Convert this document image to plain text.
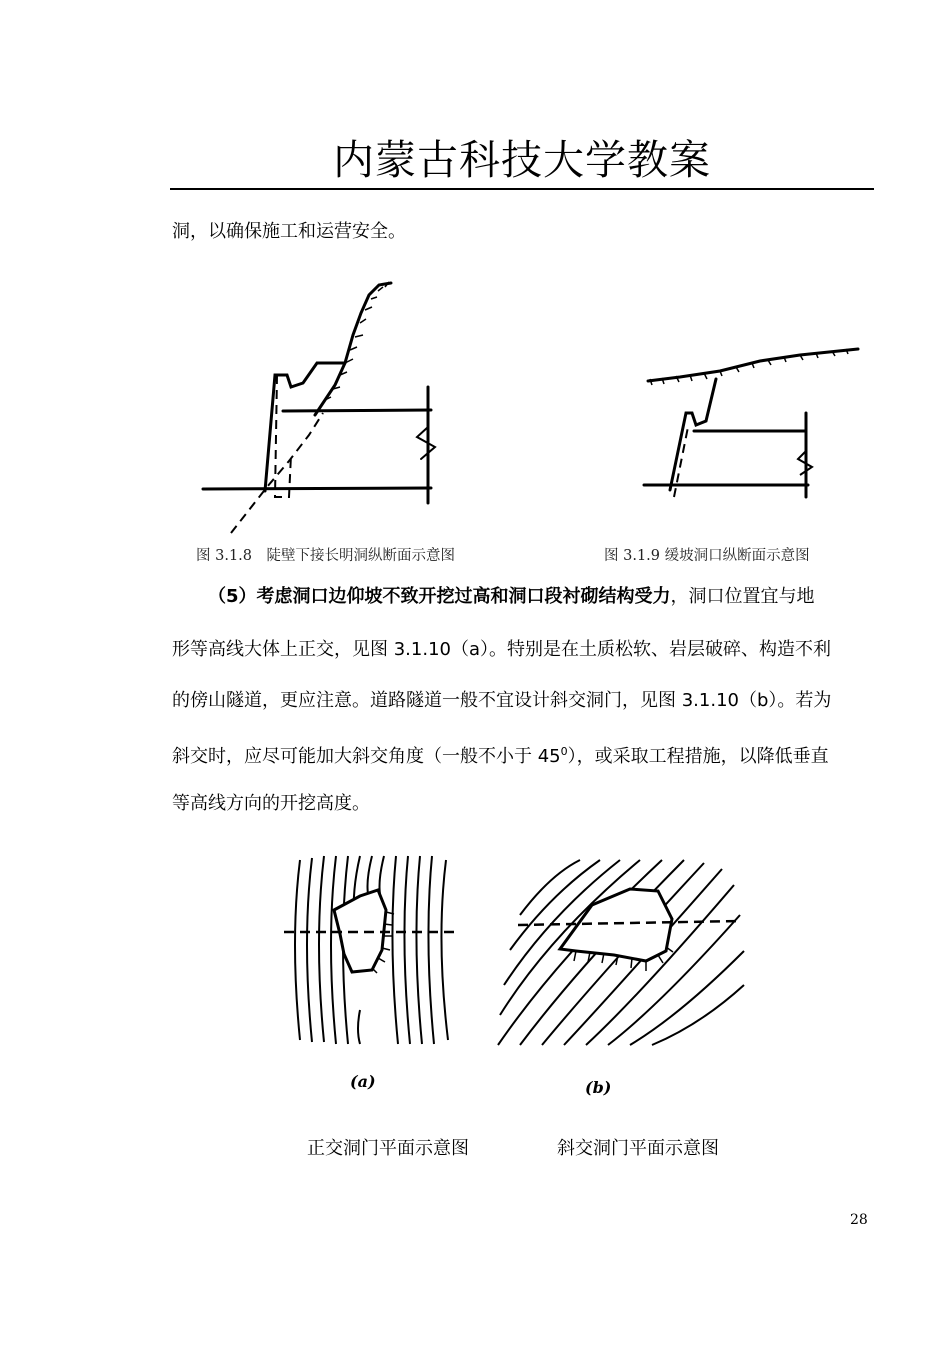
内蒙古科技大学教案
洞，以确保施工和运营安全。
图 3.1.8　陡壁下接长明洞纵断面示意图	图 3.1.9 缓坡洞口纵断面示意图
（5）考虑洞口边仰坡不致开挖过高和洞口段衬砌结构受力，洞口位置宜与地
形等高线大体上正交，见图 3.1.10（a）。特别是在土质松软、岩层破碎、构造不利
的傍山隧道，更应注意。道路隧道一般不宜设计斜交洞门，见图 3.1.10（b）。若为
斜交时，应尽可能加大斜交角度（一般不小于 $45^0$），或采取工程措施，以降低垂直
等高线方向的开挖高度。
(a)	(b)
正交洞门平面示意图	斜交洞门平面示意图
28
